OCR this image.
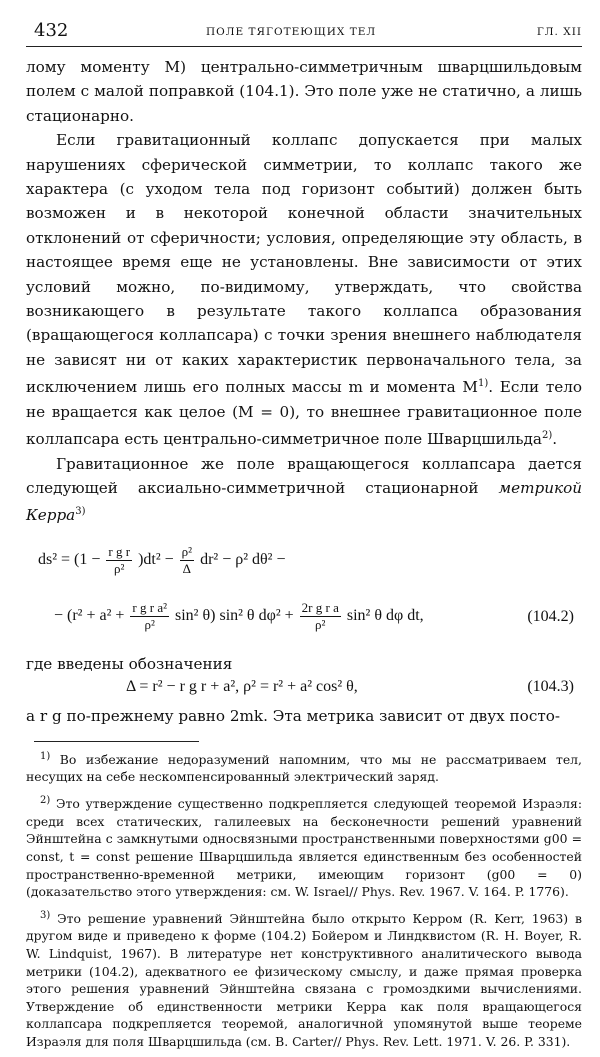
432	ПОЛЕ ТЯГОТЕЮЩИХ ТЕЛ	ГЛ. XII

лому моменту M) центрально-симметричным шварцшильдовым полем с малой поправкой (104.1). Это поле уже не статично, а лишь стационарно.

Если гравитационный коллапс допускается при малых нарушениях сферической симметрии, то коллапс такого же характера (с уходом тела под горизонт событий) должен быть возможен и в некоторой конечной области значительных отклонений от сферичности; условия, определяющие эту область, в настоящее время еще не установлены. Вне зависимости от этих условий можно, по-видимому, утверждать, что свойства возникающего в результате такого коллапса образования (вращающегося коллапсара) с точки зрения внешнего наблюдателя не зависят ни от каких характеристик первоначального тела, за исключением лишь его полных массы m и момента $M^{1)}$. Если тело не вращается как целое (M = 0), то внешнее гравитационное поле коллапсара есть центрально-симметричное поле Шварцшильда$^{2)}$.

Гравитационное же поле вращающегося коллапсара дается следующей аксиально-симметричной стационарной метрикой Керра$^{3)}$

$ds^2 = (1 - \frac{\text{r g r}}{\text{ρ²}} )dt^2 - \frac{\text{ρ²}}{\Delta} dr^2 - \rho^2$ dθ² −
− ($r^2 + a^2 + \frac{\text{r g r a²}}{\text{ρ²}} \sin^2$ θ) sin² θ $d\varphi^2 + \frac{\text{2r g r a}}{\text{ρ²}} \sin^2$ θ dφ dt,	(104.2)

где введены обозначения

Δ = r² − r g r + a², ρ² = r² + a² cos² θ,	(104.3)

а r g по-прежнему равно 2mk. Эта метрика зависит от двух посто-

$^{1)}$ Во избежание недоразумений напомним, что мы не рассматриваем тел, несущих на себе нескомпенсированный электрический заряд.

$^{2)}$ Это утверждение существенно подкрепляется следующей теоремой Израэля: среди всех статических, галилеевых на бесконечности решений уравнений Эйнштейна с замкнутыми односвязными пространственными поверхностями g00 = const, t = const решение Шварцшильда является единственным без особенностей пространственно-временной метрики, имеющим горизонт (g00 = 0) (доказательство этого утверждения: см. W. Israel// Phys. Rev. 1967. V. 164. P. 1776).

$^{3)}$ Это решение уравнений Эйнштейна было открыто Керром (R. Kerr, 1963) в другом виде и приведено к форме (104.2) Бойером и Линдквистом (R. H. Boyer, R. W. Lindquist, 1967). В литературе нет конструктивного аналитического вывода метрики (104.2), адекватного ее физическому смыслу, и даже прямая проверка этого решения уравнений Эйнштейна связана с громоздкими вычислениями. Утверждение об единственности метрики Керра как поля вращающегося коллапсара подкрепляется теоремой, аналогичной упомянутой выше теореме Израэля для поля Шварцшильда (см. B. Carter// Phys. Rev. Lett. 1971. V. 26. P. 331).
